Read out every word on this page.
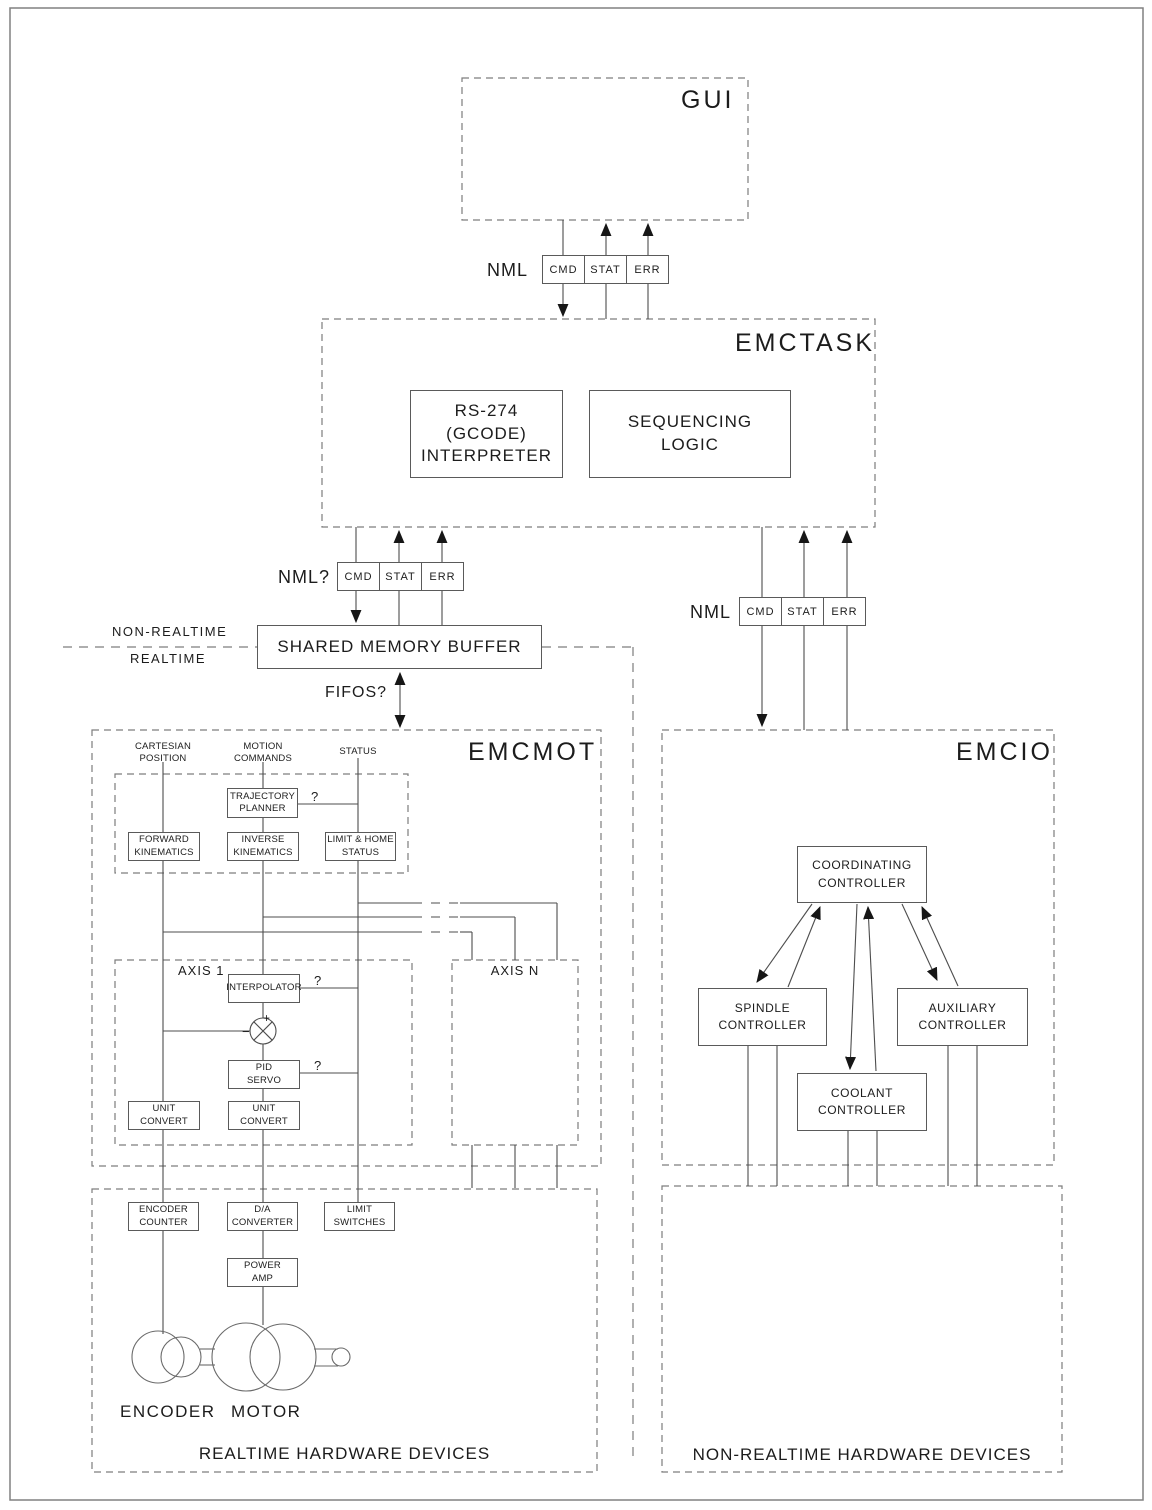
GUI
EMCTASK
EMCMOT	EMCIO
NML
NML?
NML
FIFOS?
NON-REALTIME
REALTIME
CMD	STAT	ERR
CMD	STAT	ERR
CMD	STAT	ERR
RS-274
(GCODE)
INTERPRETER
SEQUENCING
LOGIC
SHARED MEMORY BUFFER
CARTESIAN
POSITION
MOTION
COMMANDS
STATUS
TRAJECTORY
PLANNER
FORWARD
KINEMATICS
INVERSE
KINEMATICS
LIMIT & HOME
STATUS
?
?
?
AXIS 1
INTERPOLATOR
+
−
PID
SERVO
UNIT
CONVERT
UNIT
CONVERT
AXIS N
ENCODER
COUNTER
D/A
CONVERTER
LIMIT
SWITCHES
POWER
AMP
ENCODER MOTOR
REALTIME HARDWARE DEVICES
COORDINATING
CONTROLLER
SPINDLE
CONTROLLER
AUXILIARY
CONTROLLER
COOLANT
CONTROLLER
NON-REALTIME HARDWARE DEVICES
